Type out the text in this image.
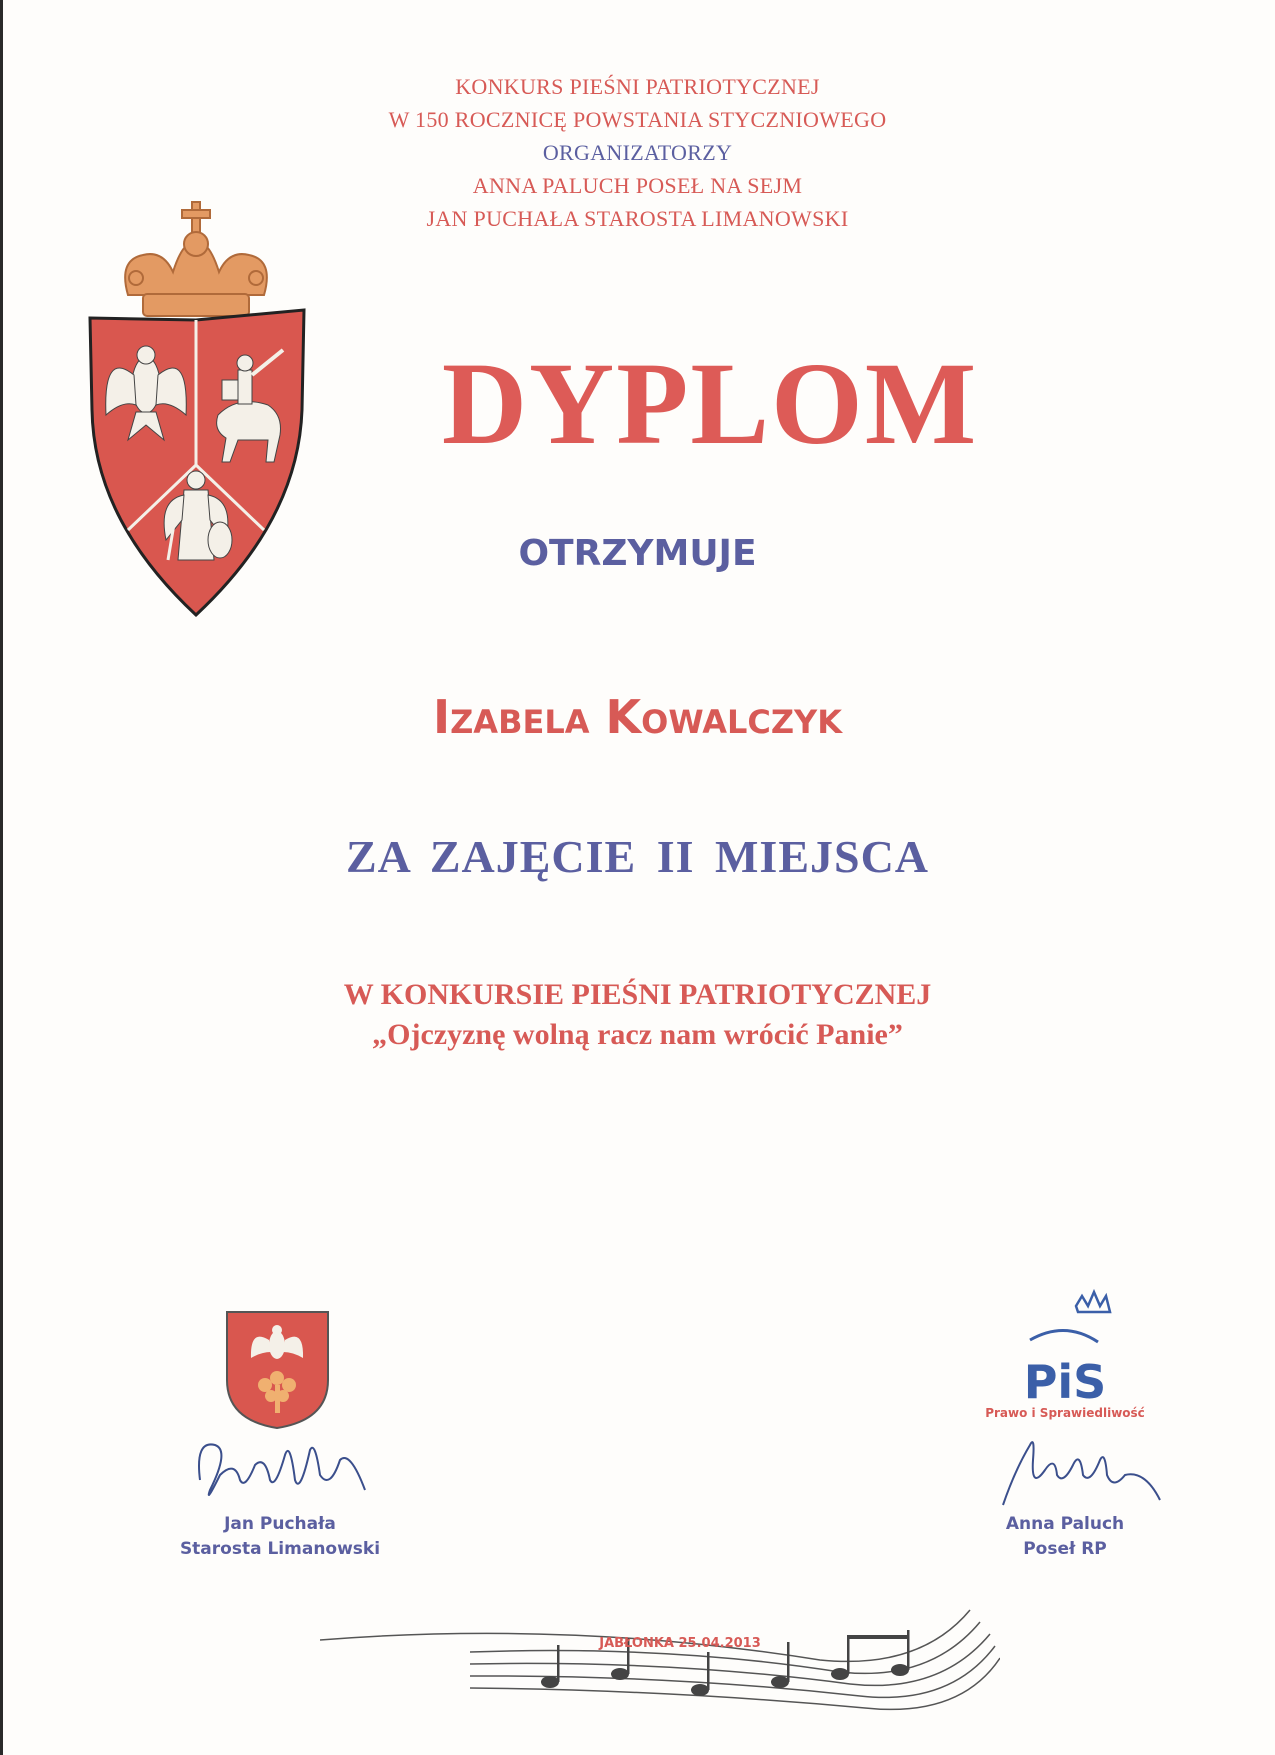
KONKURS PIEŚNI PATRIOTYCZNEJ
W 150 ROCZNICĘ POWSTANIA STYCZNIOWEGO
ORGANIZATORZY
ANNA PALUCH POSEŁ NA SEJM
JAN PUCHAŁA STAROSTA LIMANOWSKI
DYPLOM
OTRZYMUJE
Izabela Kowalczyk
ZA ZAJĘCIE II MIEJSCA
W KONKURSIE PIEŚNI PATRIOTYCZNEJ
„Ojczyznę wolną racz nam wrócić Panie”
PiS
Prawo i Sprawiedliwość
Jan Puchała
Starosta Limanowski
Anna Paluch
Poseł RP
JABŁONKA 25.04.2013
